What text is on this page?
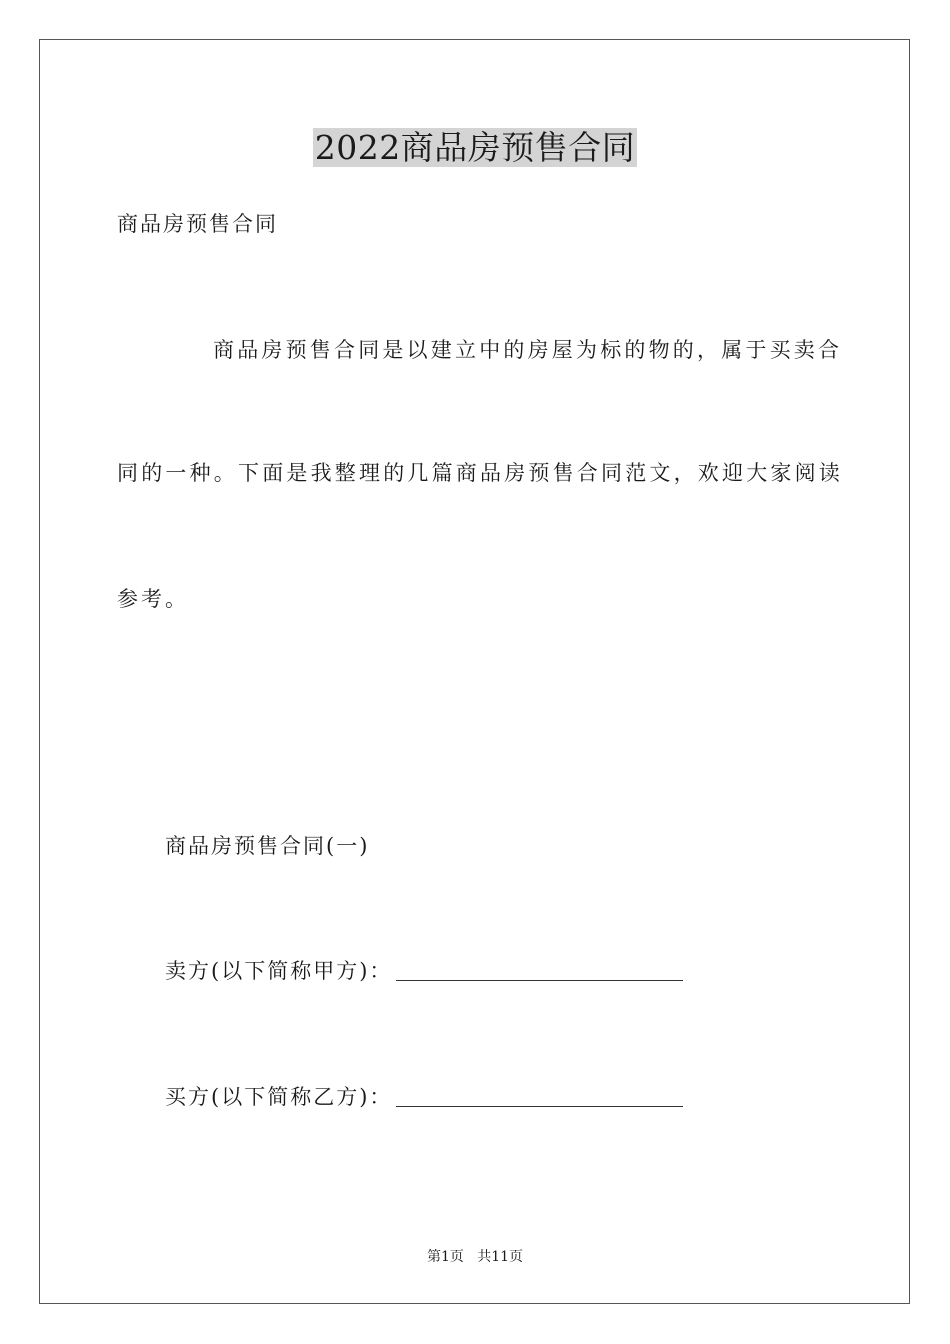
2022商品房预售合同

商品房预售合同

商品房预售合同是以建立中的房屋为标的物的，属于买卖合

同的一种。下面是我整理的几篇商品房预售合同范文，欢迎大家阅读

参考。

商品房预售合同(一)

卖方(以下简称甲方)：

买方(以下简称乙方)：

第1页   共11页
